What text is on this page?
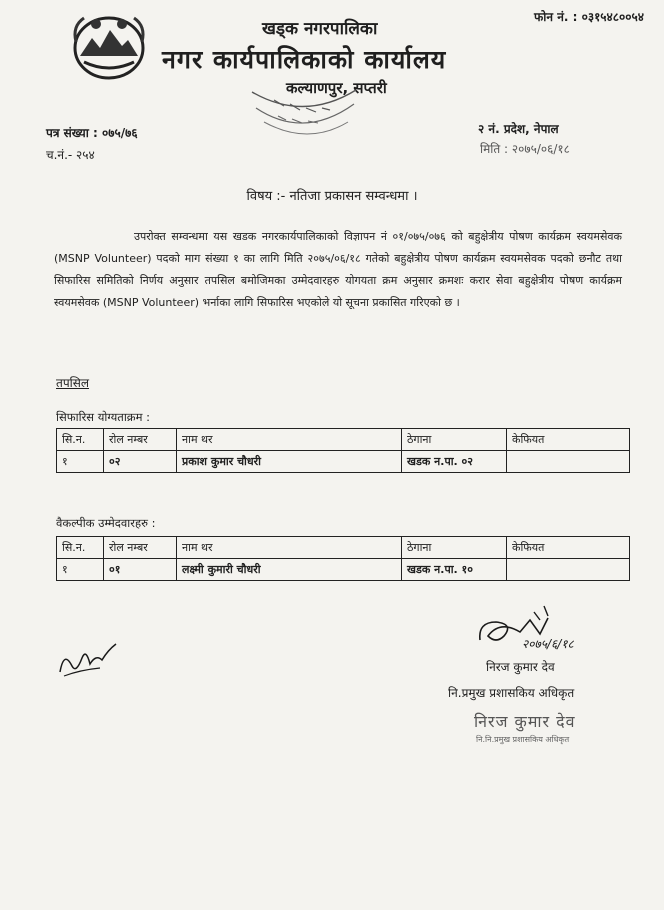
फोन नं. : ०३१५४८००५४
खड्क नगरपालिका
नगर कार्यपालिकाको कार्यालय
कल्याणपुर, सप्तरी
पत्र संख्या : ०७५/७६
च.नं.- २५४
२ नं. प्रदेश, नेपाल
मिति : २०७५/०६/१८
विषय :- नतिजा प्रकासन सम्वन्धमा ।
उपरोक्त सम्वन्धमा यस खडक नगरकार्यपालिकाको विज्ञापन नं ०१/०७५/०७६ को बहुक्षेत्रीय पोषण कार्यक्रम स्वयमसेवक (MSNP Volunteer) पदको माग संख्या १ का लागि मिति २०७५/०६/१८ गतेको बहुक्षेत्रीय पोषण कार्यक्रम स्वयमसेवक पदको छनौट तथा सिफारिस समितिको निर्णय अनुसार तपसिल बमोजिमका उम्मेदवारहरु योगयता क्रम अनुसार क्रमशः करार सेवा बहुक्षेत्रीय पोषण कार्यक्रम स्वयमसेवक (MSNP Volunteer) भर्नाका लागि सिफारिस भएकोले यो सूचना प्रकासित गरिएको छ ।
तपसिल
सिफारिस योग्यताक्रम :
सि.न.	रोल नम्बर	नाम थर	ठेगाना	केफियत
१	०२	प्रकाश कुमार चौधरी	खडक न.पा. ०२	
वैकल्पीक उम्मेदवारहरु :
सि.न.	रोल नम्बर	नाम थर	ठेगाना	केफियत
१	०१	लक्ष्मी कुमारी चौधरी	खडक न.पा. १०	
२०७५/६/१८
निरज कुमार देव
नि.प्रमुख प्रशासकिय अधिकृत
निरज कुमार देव
नि.नि.प्रमुख प्रशासकिय अधिकृत
